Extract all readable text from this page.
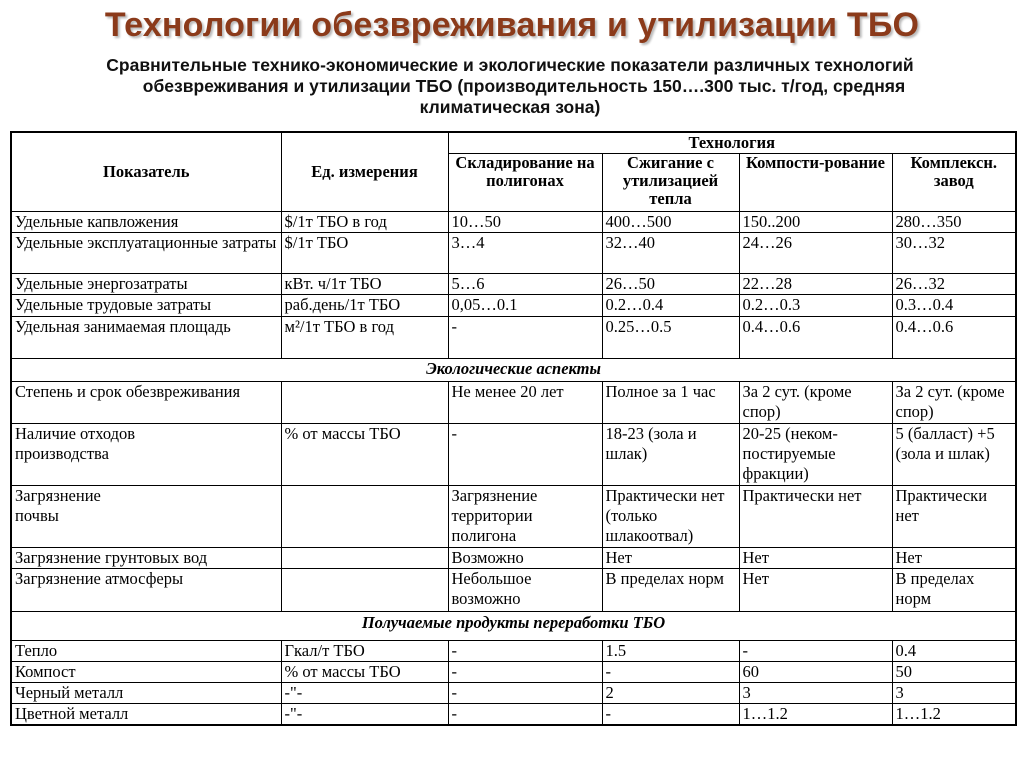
Технологии обезвреживания и утилизации ТБО
Сравнительные технико-экономические и экологические показатели различных технологий
обезвреживания и утилизации ТБО (производительность 150….300 тыс. т/год, средняя
климатическая зона)
Показатель	Ед. измерения	Технология			
		Складирование на полигонах	Сжигание с утилизацией тепла	Компости-рование	Комплексн. завод
Удельные капвложения	$/1т ТБО в год	10…50	400…500	150..200	280…350
Удельные эксплуатационные затраты	$/1т ТБО	3…4	32…40	24…26	30…32
Удельные энергозатраты	кВт. ч/1т ТБО	5…6	26…50	22…28	26…32
Удельные трудовые затраты	раб.день/1т ТБО	0,05…0.1	0.2…0.4	0.2…0.3	0.3…0.4
Удельная занимаемая площадь	м²/1т ТБО в год	-	0.25…0.5	0.4…0.6	0.4…0.6
Экологические аспекты					
Степень и срок обезвреживания		Не менее 20 лет	Полное за 1 час	За 2 сут. (кроме спор)	За 2 сут. (кроме спор)
Наличие отходов производства	% от массы ТБО	-	18-23 (зола и шлак)	20-25 (неком-постируемые фракции)	5 (балласт) +5 (зола и шлак)
Загрязнение почвы		Загрязнение территории полигона	Практически нет (только шлакоотвал)	Практически нет	Практически нет
Загрязнение грунтовых вод		Возможно	Нет	Нет	Нет
Загрязнение атмосферы		Небольшое возможно	В пределах норм	Нет	В пределах норм
Получаемые продукты переработки ТБО					
Тепло	Гкал/т ТБО	-	1.5	-	0.4
Компост	% от массы ТБО	-	-	60	50
Черный металл	-"-	-	2	3	3
Цветной металл	-"-	-	-	1…1.2	1…1.2
